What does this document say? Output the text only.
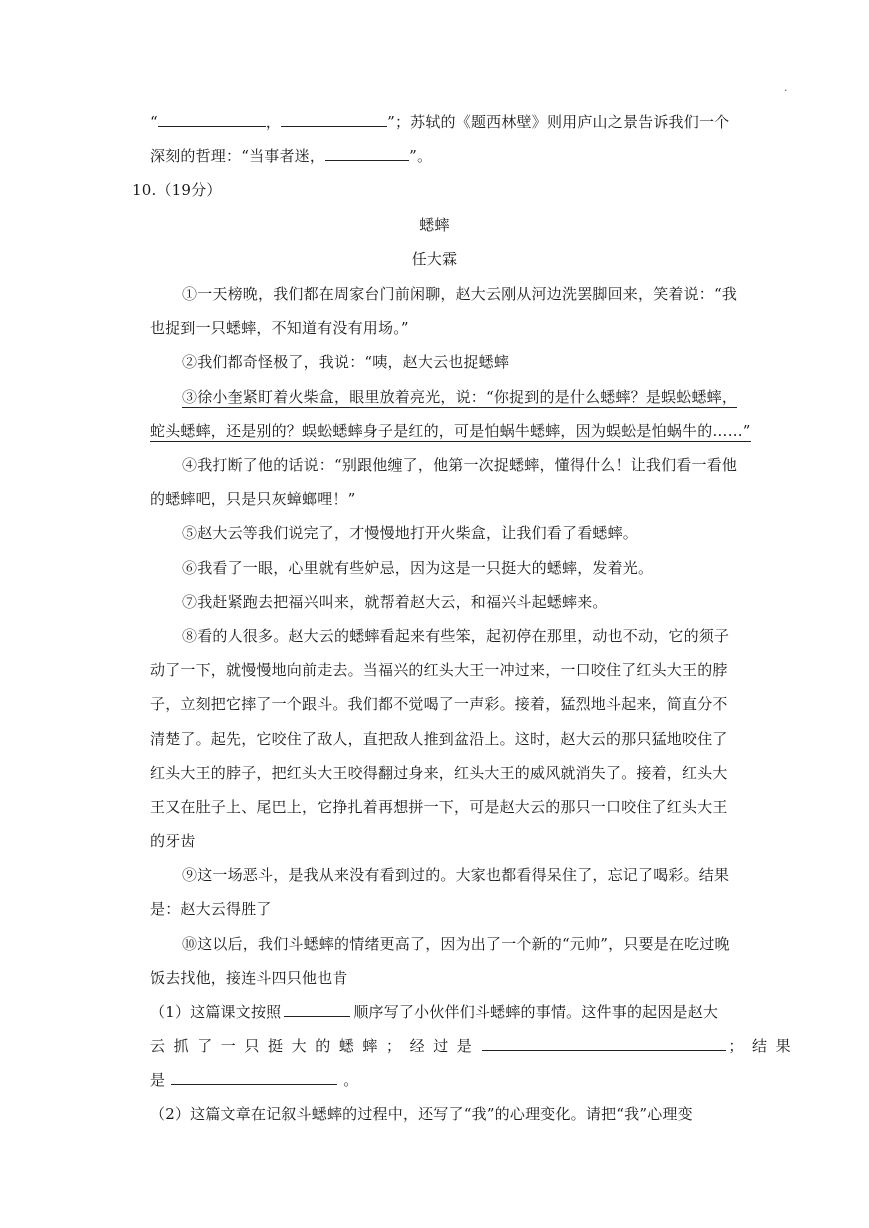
·
“	，	”；苏轼的《题西林壁》则用庐山之景告诉我们一个
深刻的哲理：“当事者迷，	”。
10.（19分）
蟋蟀
任大霖
①一天榜晚，我们都在周家台门前闲聊，赵大云刚从河边洗罢脚回来，笑着说：“我
也捉到一只蟋蟀，不知道有没有用场。”
②我们都奇怪极了，我说：“咦，赵大云也捉蟋蟀
③徐小奎紧盯着火柴盒，眼里放着亮光，说：“你捉到的是什么蟋蟀？是蜈蚣蟋蟀，
蛇头蟋蟀，还是别的？蜈蚣蟋蟀身子是红的，可是怕蜗牛蟋蟀，因为蜈蚣是怕蜗牛的……”
④我打断了他的话说：“别跟他缠了，他第一次捉蟋蟀，懂得什么！让我们看一看他
的蟋蟀吧，只是只灰蟑螂哩！”
⑤赵大云等我们说完了，才慢慢地打开火柴盒，让我们看了看蟋蟀。
⑥我看了一眼，心里就有些妒忌，因为这是一只挺大的蟋蟀，发着光。
⑦我赶紧跑去把福兴叫来，就帮着赵大云，和福兴斗起蟋蟀来。
⑧看的人很多。赵大云的蟋蟀看起来有些笨，起初停在那里，动也不动，它的须子
动了一下，就慢慢地向前走去。当福兴的红头大王一冲过来，一口咬住了红头大王的脖
子，立刻把它摔了一个跟斗。我们都不觉喝了一声彩。接着，猛烈地斗起来，简直分不
清楚了。起先，它咬住了敌人，直把敌人推到盆沿上。这时，赵大云的那只猛地咬住了
红头大王的脖子，把红头大王咬得翻过身来，红头大王的威风就消失了。接着，红头大
王又在肚子上、尾巴上，它挣扎着再想拼一下，可是赵大云的那只一口咬住了红头大王
的牙齿
⑨这一场恶斗，是我从来没有看到过的。大家也都看得呆住了，忘记了喝彩。结果
是：赵大云得胜了
⑩这以后，我们斗蟋蟀的情绪更高了，因为出了一个新的“元帅”，只要是在吃过晚
饭去找他，接连斗四只他也肯
（1）这篇课文按照	顺序写了小伙伴们斗蟋蟀的事情。这件事的起因是赵大
云抓了一只挺大的蟋蟀；经过是	；结果
是	。
（2）这篇文章在记叙斗蟋蟀的过程中，还写了“我”的心理变化。请把“我”心理变
